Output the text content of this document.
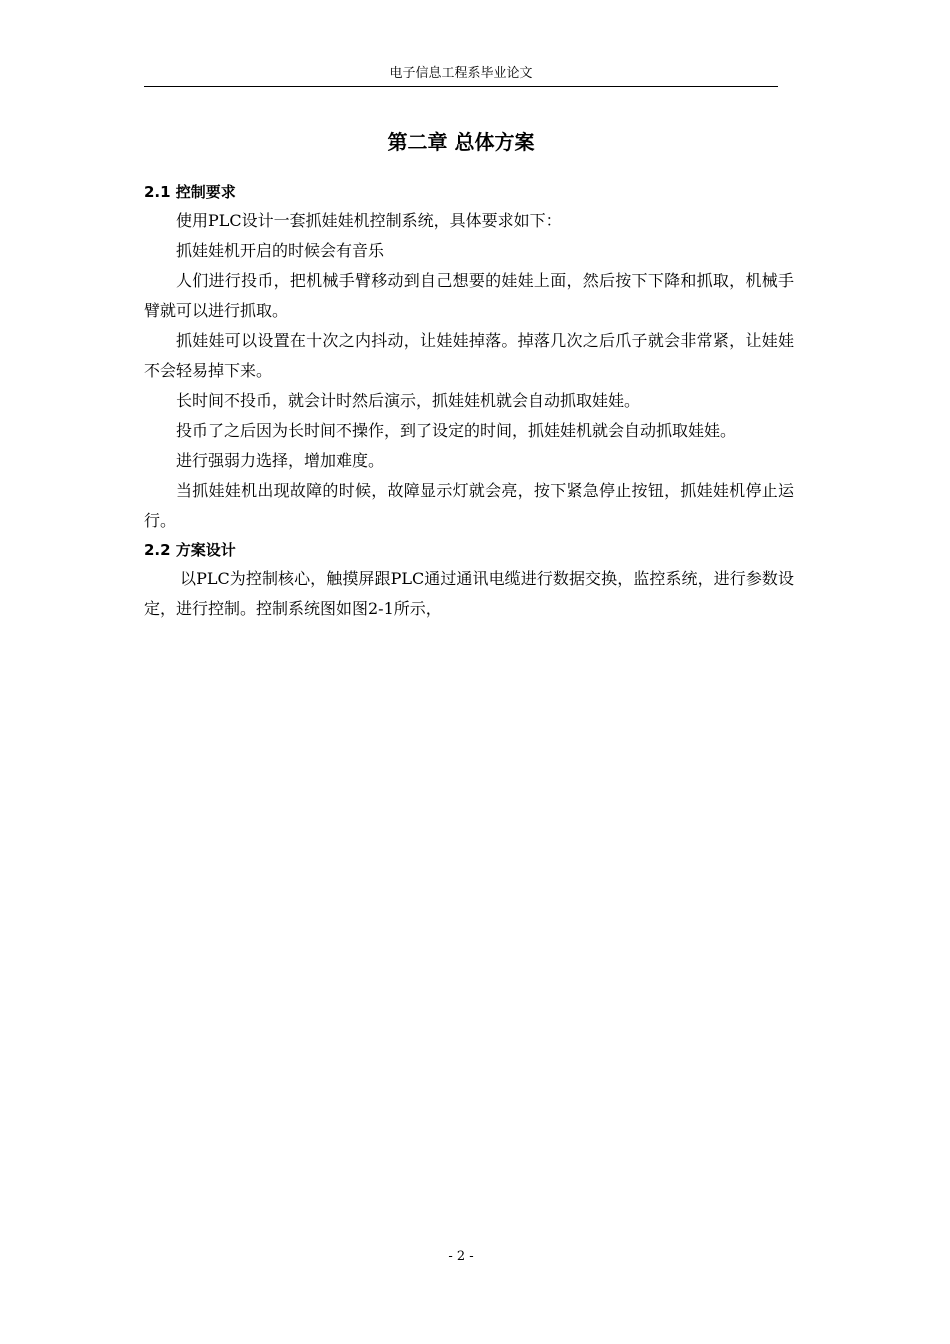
电子信息工程系毕业论文
第二章 总体方案
2.1 控制要求

使用PLC设计一套抓娃娃机控制系统，具体要求如下：

抓娃娃机开启的时候会有音乐

人们进行投币，把机械手臂移动到自己想要的娃娃上面，然后按下下降和抓取，机械手臂就可以进行抓取。

抓娃娃可以设置在十次之内抖动，让娃娃掉落。掉落几次之后爪子就会非常紧，让娃娃不会轻易掉下来。

长时间不投币，就会计时然后演示，抓娃娃机就会自动抓取娃娃。

投币了之后因为长时间不操作，到了设定的时间，抓娃娃机就会自动抓取娃娃。

进行强弱力选择，增加难度。

当抓娃娃机出现故障的时候，故障显示灯就会亮，按下紧急停止按钮，抓娃娃机停止运行。

2.2 方案设计

以PLC为控制核心，触摸屏跟PLC通过通讯电缆进行数据交换，监控系统，进行参数设定，进行控制。控制系统图如图2-1所示，

- 2 -
